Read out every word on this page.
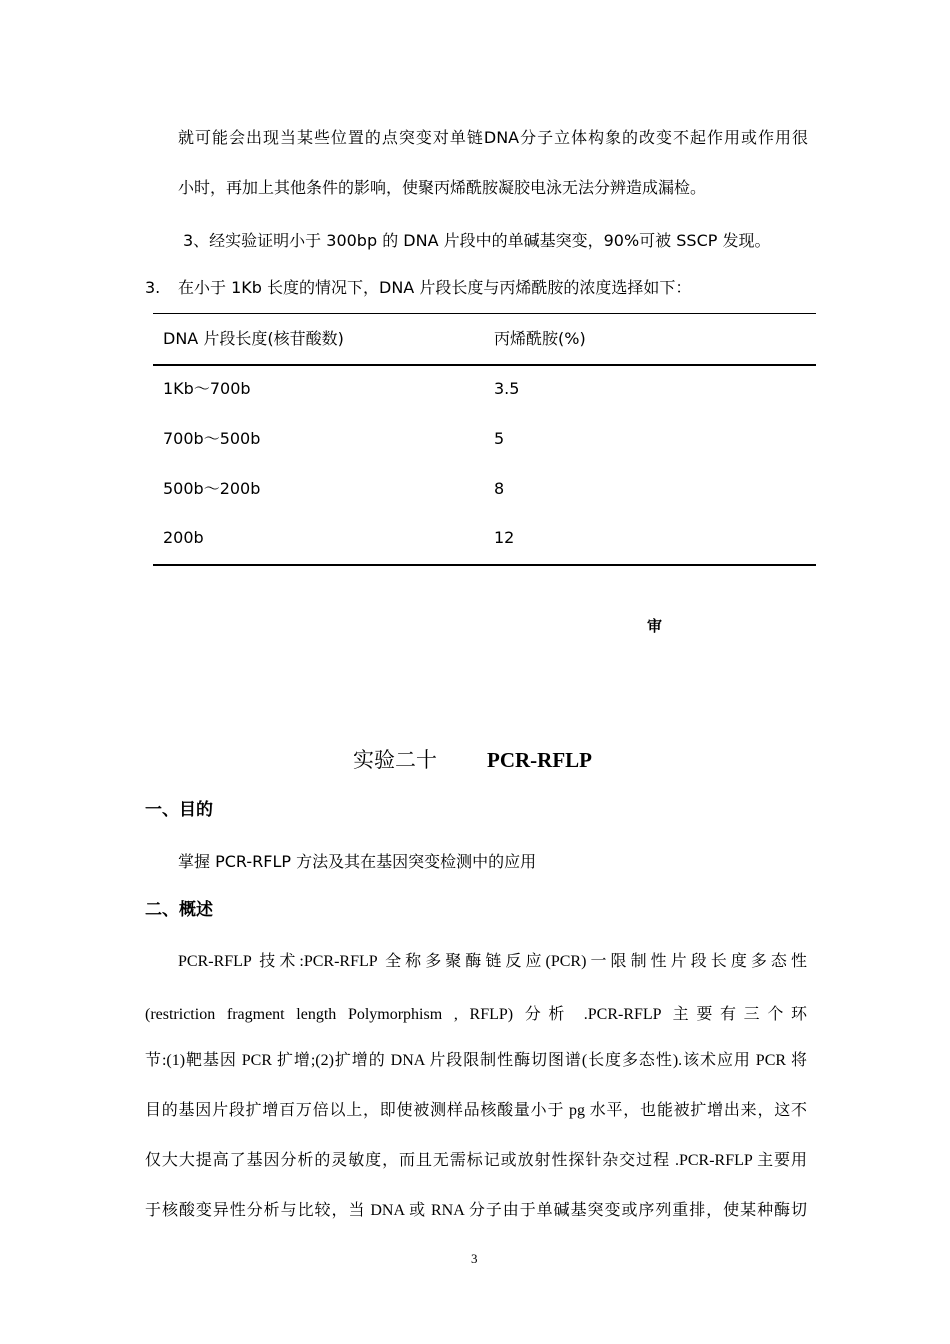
就可能会出现当某些位置的点突变对单链DNA分子立体构象的改变不起作用或作用很
小时，再加上其他条件的影响，使聚丙烯酰胺凝胶电泳无法分辨造成漏检。
3、经实验证明小于 300bp 的 DNA 片段中的单碱基突变，90%可被 SSCP 发现。
3. 在小于 1Kb 长度的情况下，DNA 片段长度与丙烯酰胺的浓度选择如下：
DNA 片段长度(核苷酸数)	丙烯酰胺(%)
1Kb～700b	3.5
700b～500b	5
500b～200b	8
200b	12
审
实验二十 PCR-RFLP
一、目的
掌握 PCR-RFLP 方法及其在基因突变检测中的应用
二、概述
PCR-RFLP 技术:PCR-RFLP 全称多聚酶链反应(PCR)一限制性片段长度多态性
(restriction fragment length Polymorphism , RFLP) 分析 .PCR-RFLP 主要有三个环
节:(1)靶基因 PCR 扩增;(2)扩增的 DNA 片段限制性酶切图谱(长度多态性).该术应用 PCR 将
目的基因片段扩增百万倍以上，即使被测样品核酸量小于 pg 水平，也能被扩增出来，这不
仅大大提高了基因分析的灵敏度，而且无需标记或放射性探针杂交过程 .PCR-RFLP 主要用
于核酸变异性分析与比较，当 DNA 或 RNA 分子由于单碱基突变或序列重排，使某种酶切
3
